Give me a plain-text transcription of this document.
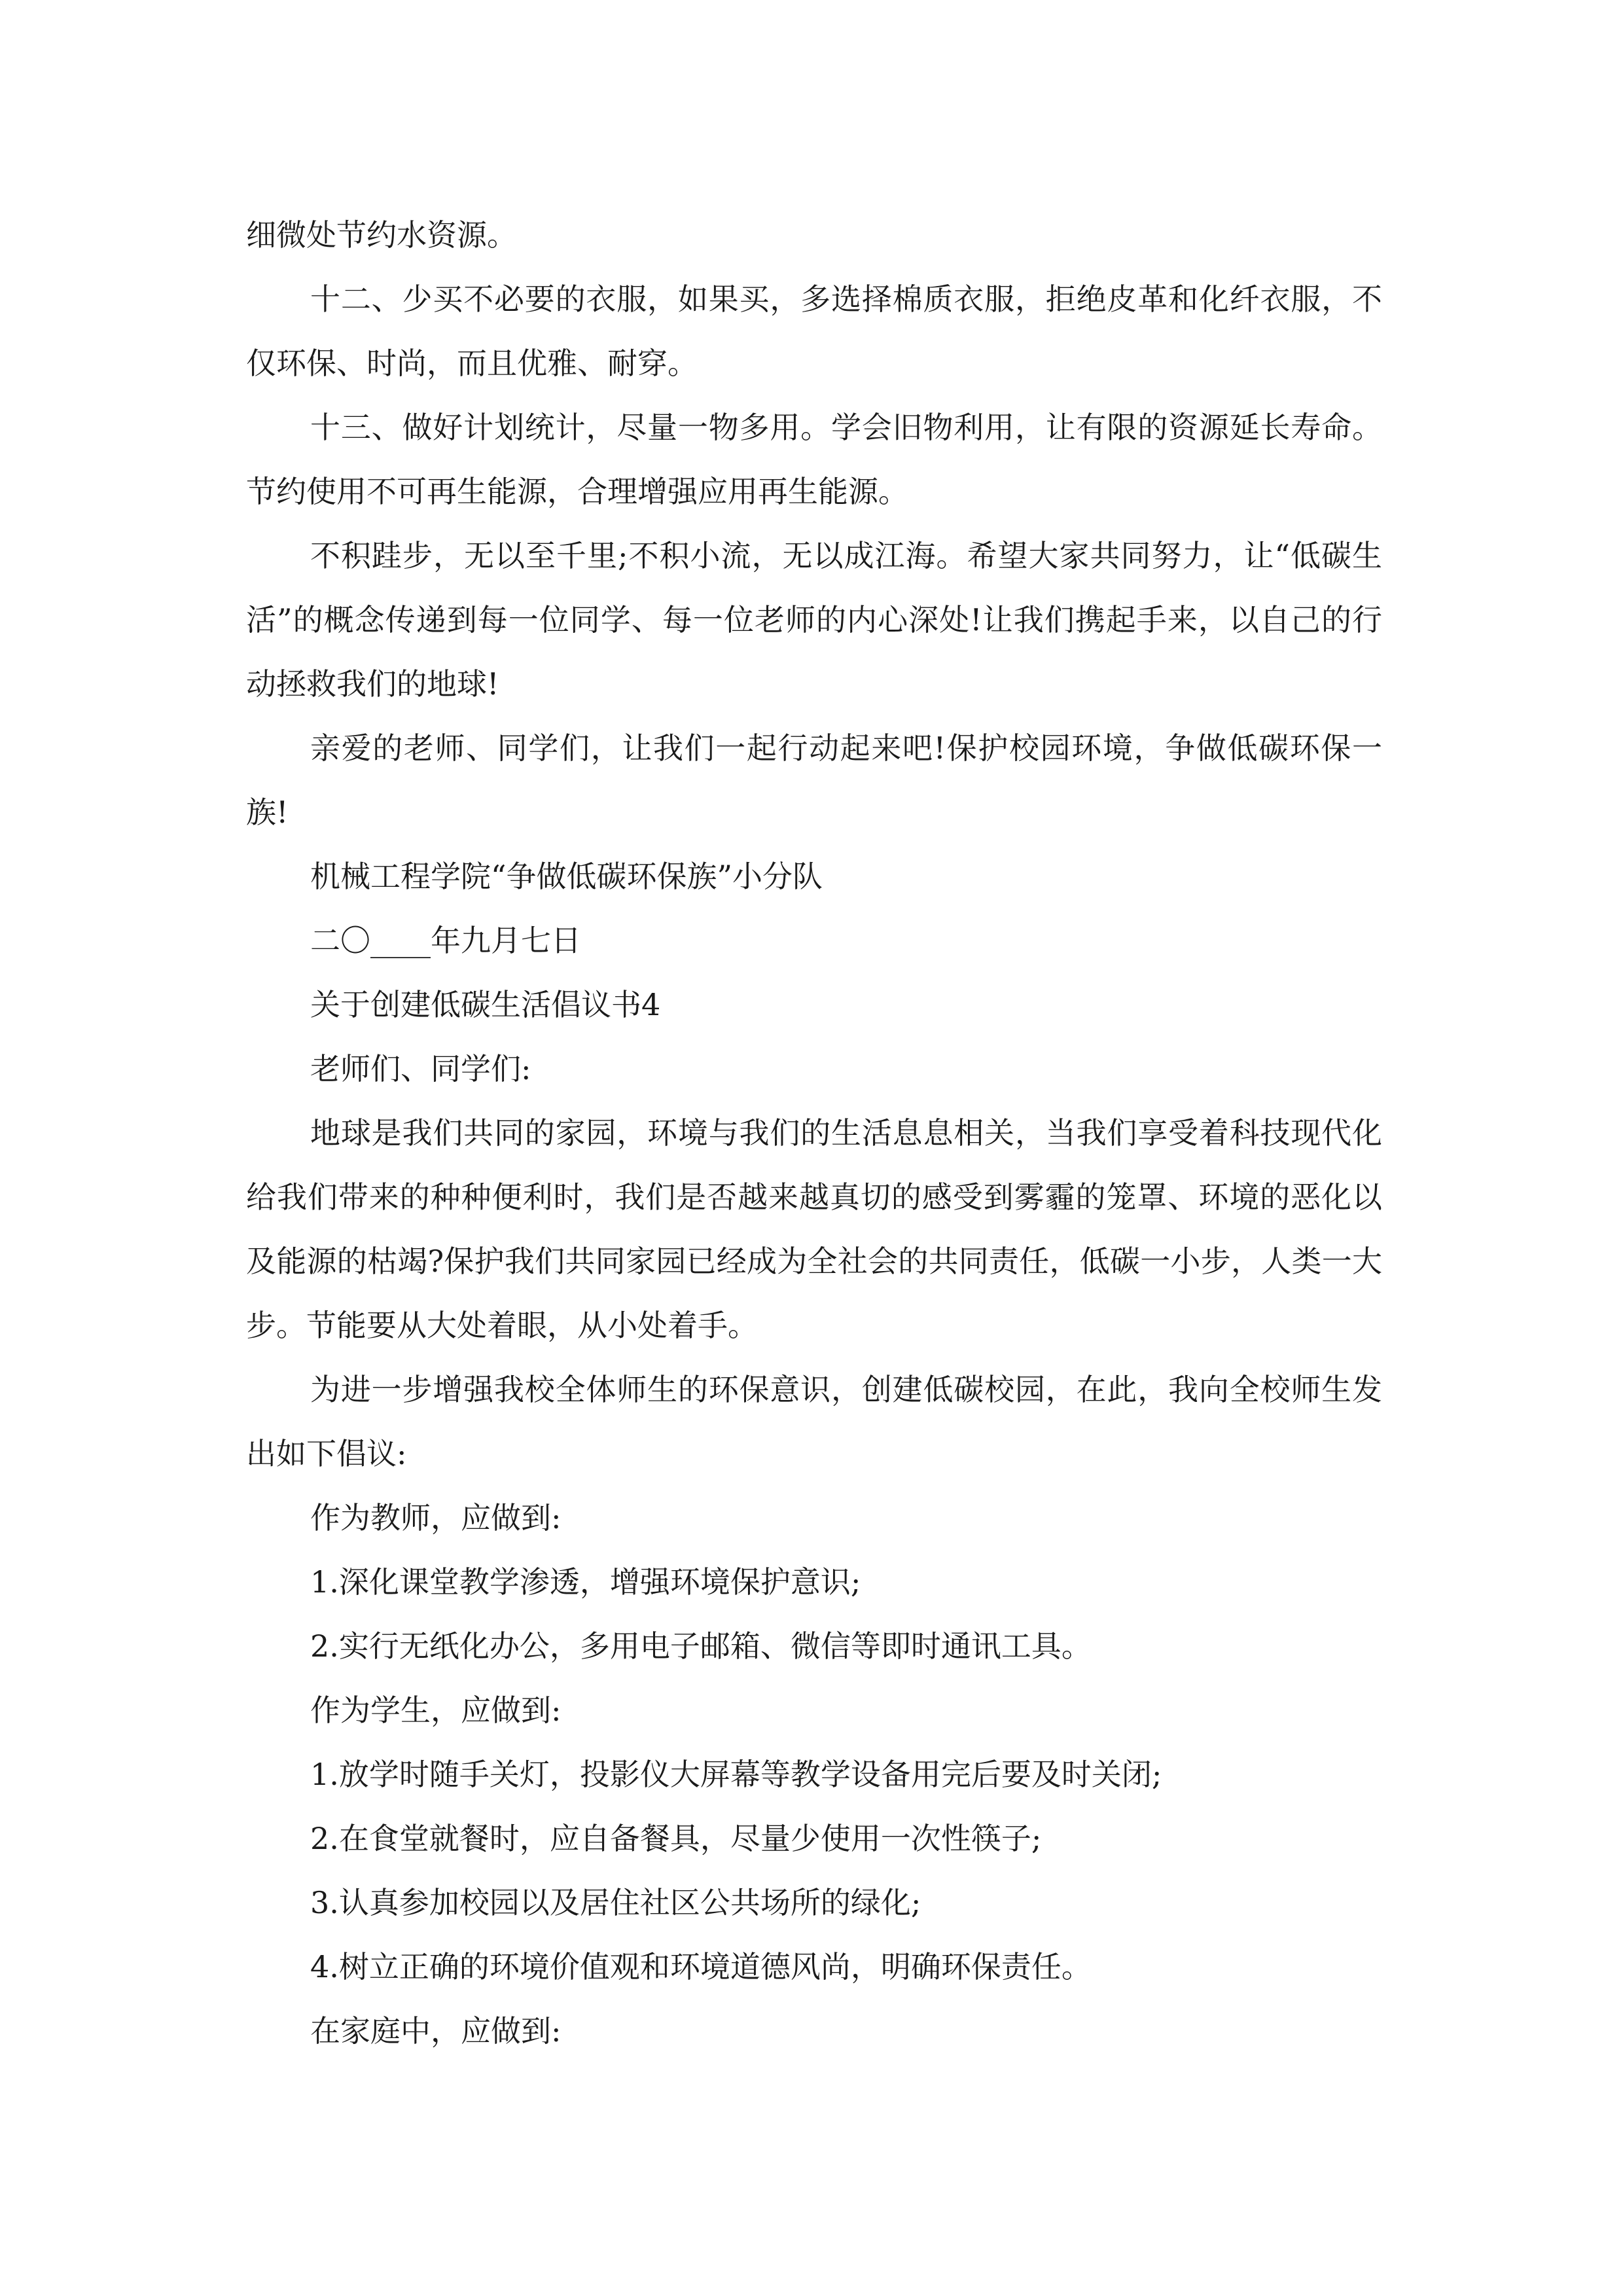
细微处节约水资源。

十二、少买不必要的衣服，如果买，多选择棉质衣服，拒绝皮革和化纤衣服，不仅环保、时尚，而且优雅、耐穿。

十三、做好计划统计，尽量一物多用。学会旧物利用，让有限的资源延长寿命。节约使用不可再生能源，合理增强应用再生能源。

不积跬步，无以至千里;不积小流，无以成江海。希望大家共同努力，让“低碳生活”的概念传递到每一位同学、每一位老师的内心深处!让我们携起手来，以自己的行动拯救我们的地球!

亲爱的老师、同学们，让我们一起行动起来吧!保护校园环境，争做低碳环保一族!

机械工程学院“争做低碳环保族”小分队

二〇____年九月七日

关于创建低碳生活倡议书4

老师们、同学们:

地球是我们共同的家园，环境与我们的生活息息相关，当我们享受着科技现代化给我们带来的种种便利时，我们是否越来越真切的感受到雾霾的笼罩、环境的恶化以及能源的枯竭?保护我们共同家园已经成为全社会的共同责任，低碳一小步，人类一大步。节能要从大处着眼，从小处着手。

为进一步增强我校全体师生的环保意识，创建低碳校园，在此，我向全校师生发出如下倡议:

作为教师，应做到:

1.深化课堂教学渗透，增强环境保护意识;

2.实行无纸化办公，多用电子邮箱、微信等即时通讯工具。

作为学生，应做到:

1.放学时随手关灯，投影仪大屏幕等教学设备用完后要及时关闭;

2.在食堂就餐时，应自备餐具，尽量少使用一次性筷子;

3.认真参加校园以及居住社区公共场所的绿化;

4.树立正确的环境价值观和环境道德风尚，明确环保责任。

在家庭中，应做到:
